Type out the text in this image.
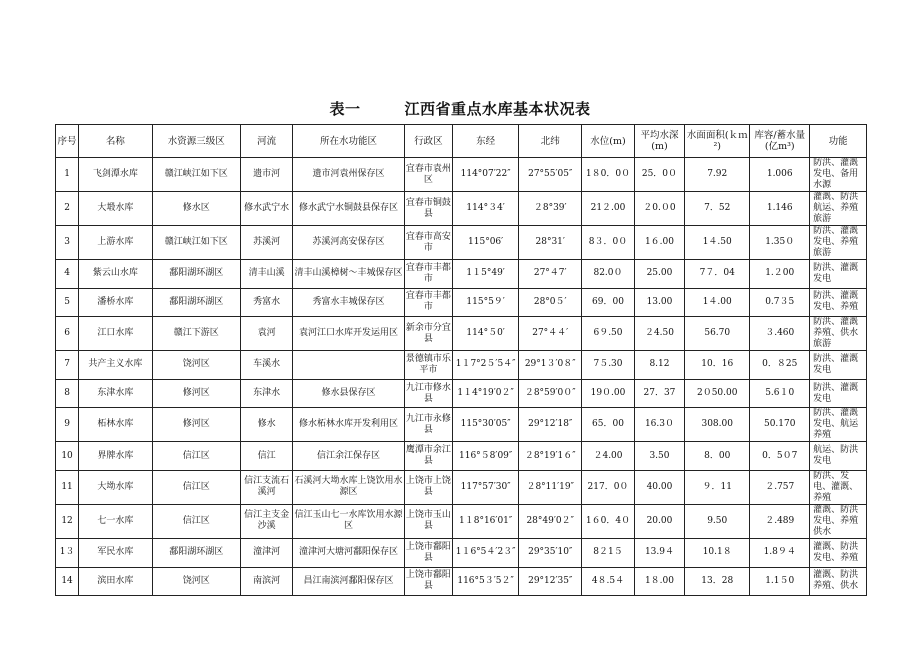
表一	江西省重点水库基本状况表
序号	名称	水资源三级区	河流	所在水功能区	行政区	东经	北纬	水位(m)	平均水深(m)	水面面积(ｋｍ²)	库容/蓄水量(亿m³)	功能
1	飞剑潭水库	赣江峡江如下区	遗市河	遗市河袁州保存区	宜春市袁州区	114°07′22″	27°55′05″	1８0．0０	25．0０	7.92	1.006	防洪、灌溉发电、备用水源
2	大塅水库	修水区	修水武宁水	修水武宁水铜鼓县保存区	宜春市铜鼓县	114°３4′	２8°39′	21２.00	２0.０0	7．52	1.146	灌溉、防洪航运、养殖旅游
3	上游水库	赣江峡江如下区	苏溪河	苏溪河高安保存区	宜春市高安市	115°06′	28°31′	8３．0０	1６.00	1４.50	1.35０	防洪、灌溉发电、养殖旅游
4	紫云山水库	鄱阳湖环湖区	清丰山溪	清丰山溪樟树～丰城保存区	宜春市丰都市	1１5°49′	27°４7′	82.0０	25.00	7７．04	1.２00	防洪、灌溉发电
5	潘桥水库	鄱阳湖环湖区	秀富水	秀富水丰城保存区	宜春市丰都市	115°5９′	28°0５′	69．00	13.00	1４.00	0.7３5	防洪、灌溉发电、养殖
6	江口水库	赣江下游区	袁河	袁河江口水库开发运用区	新余市分宜县	114°５0′	27°４４′	6９.50	２4.50	56.70	３.460	防洪、灌溉养殖、供水旅游
7	共产主义水库	饶河区	车溪水		景德镇市乐平市	1１7°2５′5４″	29°1３′0８″	7５.30	8.12	10．16	0．８25	防洪、灌溉发电
8	东津水库	修河区	东津水	修水县保存区	九江市修水县	1１4°19′0２″	２8°59′0０″	19０.00	27．37	2０50.00	5.6１0	防洪、灌溉发电
9	柘林水库	修河区	修水	修水柘林水库开发利用区	九江市永修县	115°30′05″	29°12′18″	65．00	16.3０	308.00	50.170	防洪、灌溉发电、航运养殖
10	界牌水库	信江区	信江	信江余江保存区	鹰潭市余江县	116°５8′09″	２8°19′1６″	２4.00	3.50	8．00	0．5０7	航运、防洪发电
11	大坳水库	信江区	信江支流石溪河	石溪河大坳水库上饶饮用水源区	上饶市上饶县	117°57′30″	２8°11′19″	217．0０	40.00	９．11	２.757	防洪、发电、灌溉、养殖
12	七一水库	信江区	信江主支金沙溪	信江玉山七一水库饮用水源区	上饶市玉山县	1１8°16′01″	28°49′0２″	1６0．4０	20.00	9.50	２.489	灌溉、防洪发电、养殖供水
1３	军民水库	鄱阳湖环湖区	潼津河	潼津河大塘河鄱阳保存区	上饶市鄱阳县	1１6°5４′2３″	29°35′10″	8２1５	13.9４	10.1８	1.8９４	灌溉、防洪发电、养殖
14	滨田水库	饶河区	南滨河	昌江南滨河鄱阳保存区	上饶市鄱阳县	116°5３′5２″	29°12′35″	4８.5４	1８.00	13．28	1.1５0	灌溉、防洪养殖、供水
